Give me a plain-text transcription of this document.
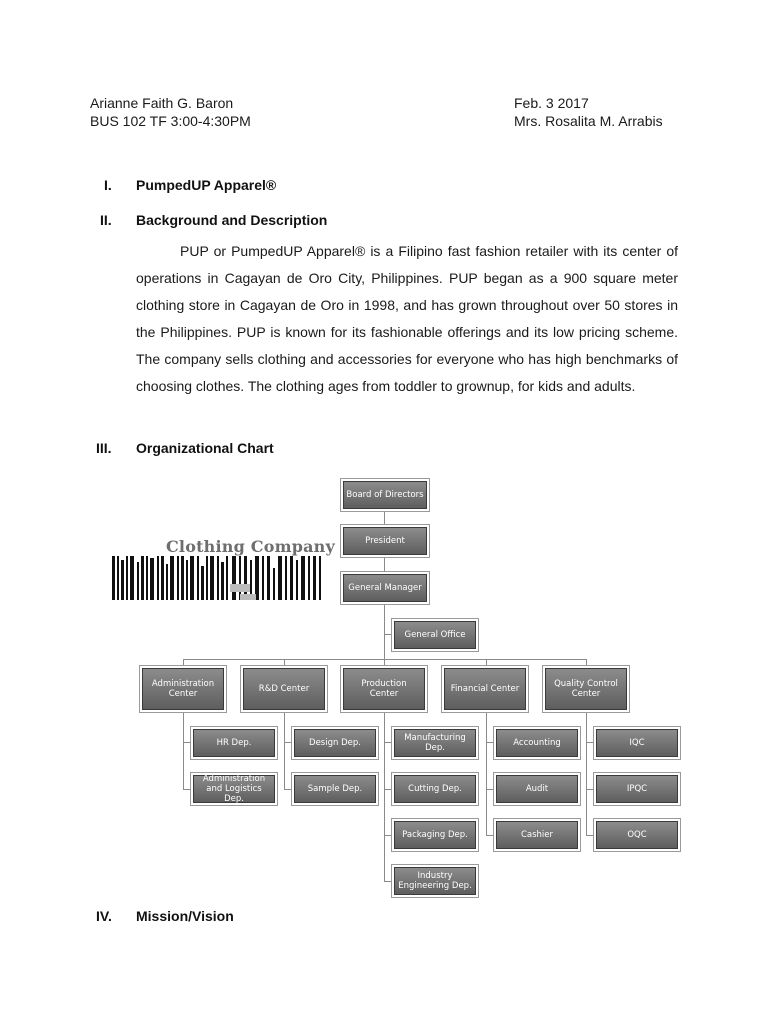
Arianne Faith G. Baron
BUS 102 TF 3:00-4:30PM
Feb. 3 2017
Mrs. Rosalita M. Arrabis
I. PumpedUP Apparel®
II. Background and Description

PUP or PumpedUP Apparel® is a Filipino fast fashion retailer with its center of operations in Cagayan de Oro City, Philippines. PUP began as a 900 square meter clothing store in Cagayan de Oro in 1998, and has grown throughout over 50 stores in the Philippines. PUP is known for its fashionable offerings and its low pricing scheme. The company sells clothing and accessories for everyone who has high benchmarks of choosing clothes. The clothing ages from toddler to grownup, for kids and adults.

III. Organizational Chart
Clothing Company
Board of Directors
President
General Manager
General Office
Administration Center	R&D Center	Production Center	Financial Center	Quality Control Center
HR Dep.
Administration and Logistics Dep.
Design Dep.
Sample Dep.
Manufacturing Dep.
Cutting Dep.
Packaging Dep.
Industry Engineering Dep.
Accounting
Audit
Cashier
IQC
IPQC
OQC
IV. Mission/Vision
